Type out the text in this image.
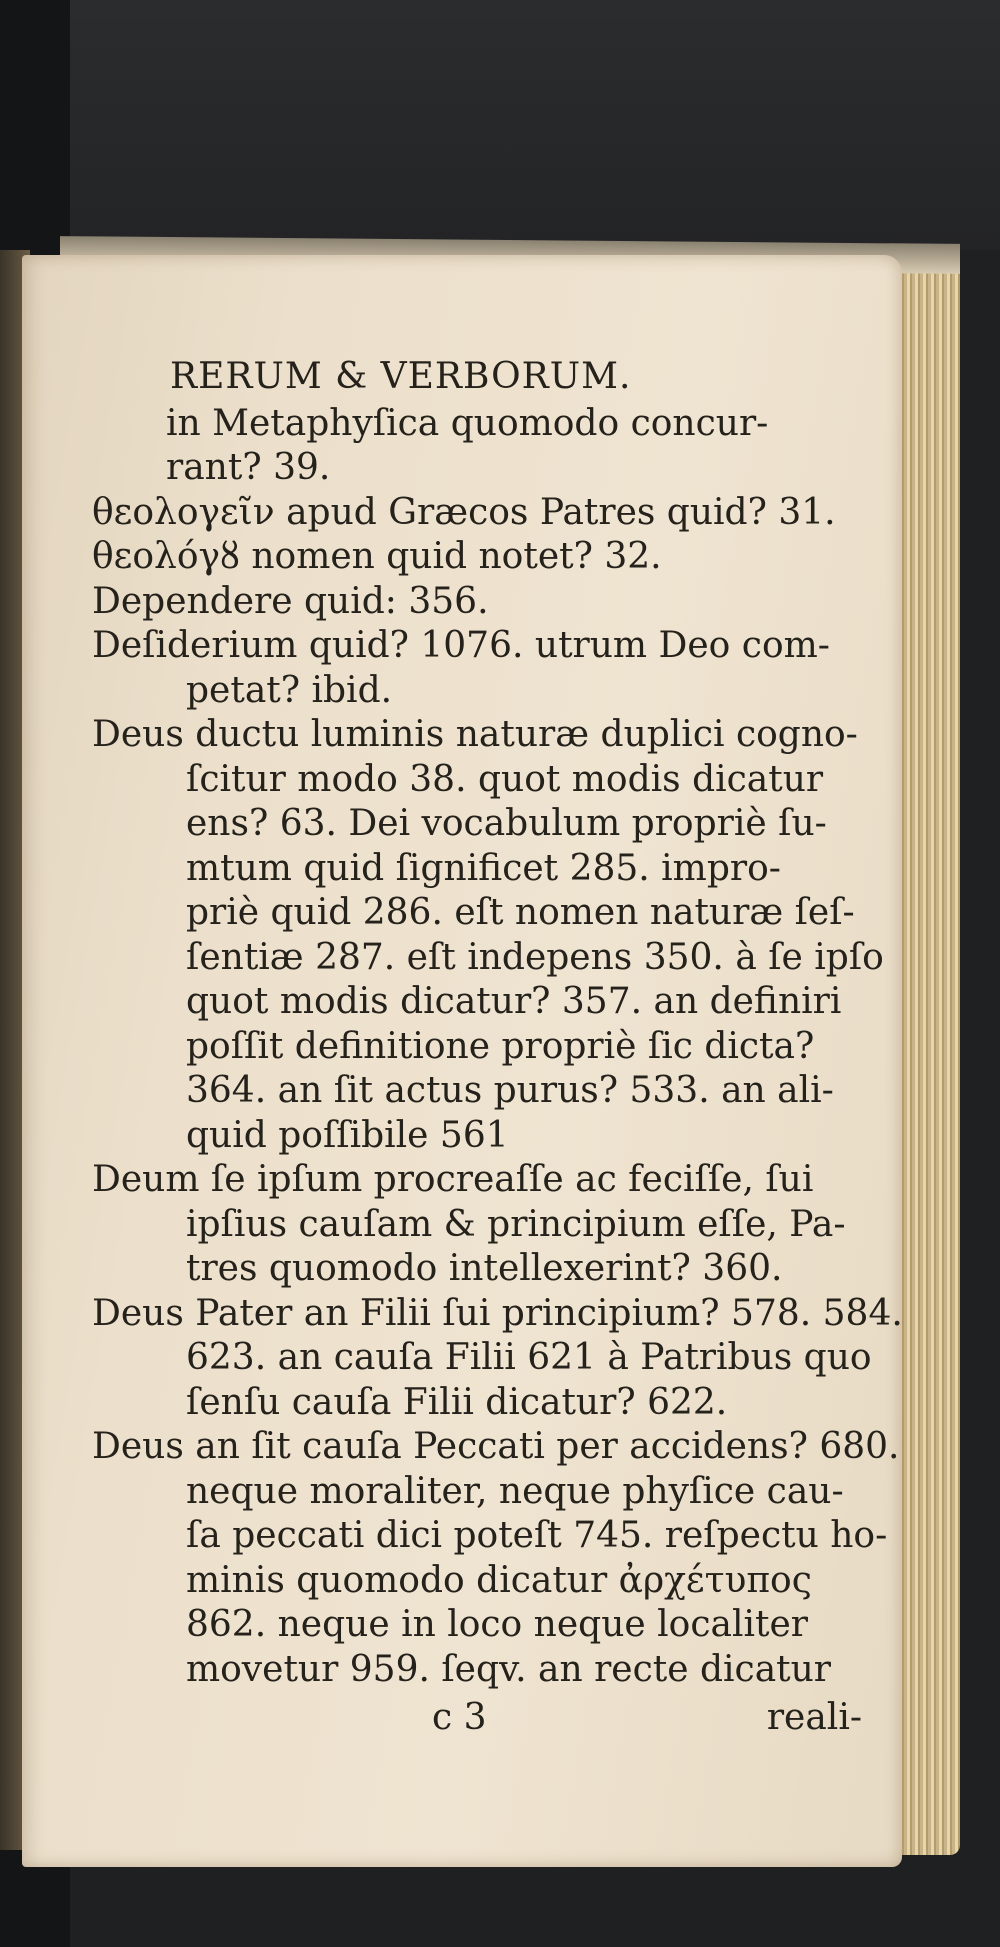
RERUM & VERBORUM.
in Metaphyſica quomodo concur-
rant? 39.
θεολογεῖν apud Græcos Patres quid? 31.
θεολόγȣ nomen quid notet? 32.
Dependere quid: 356.
Deſiderium quid? 1076. utrum Deo com-
petat? ibid.
Deus ductu luminis naturæ duplici cogno-
ſcitur modo 38. quot modis dicatur
ens? 63. Dei vocabulum propriè ſu-
mtum quid ſignificet 285. impro-
priè quid 286. eſt nomen naturæ ſeſ-
ſentiæ 287. eſt indepens 350. à ſe ipſo
quot modis dicatur? 357. an definiri
poſſit definitione propriè ſic dicta?
364. an ſit actus purus? 533. an ali-
quid poſſibile 561
Deum ſe ipſum procreaſſe ac feciſſe, ſui
ipſius cauſam & principium eſſe, Pa-
tres quomodo intellexerint? 360.
Deus Pater an Filii ſui principium? 578. 584.
623. an cauſa Filii 621 à Patribus quo
ſenſu cauſa Filii dicatur? 622.
Deus an ſit cauſa Peccati per accidens? 680.
neque moraliter, neque phyſice cau-
ſa peccati dici poteſt 745. reſpectu ho-
minis quomodo dicatur ἀρχέτυπος
862. neque in loco neque localiter
movetur 959. ſeqv. an recte dicatur
c 3	reali-
